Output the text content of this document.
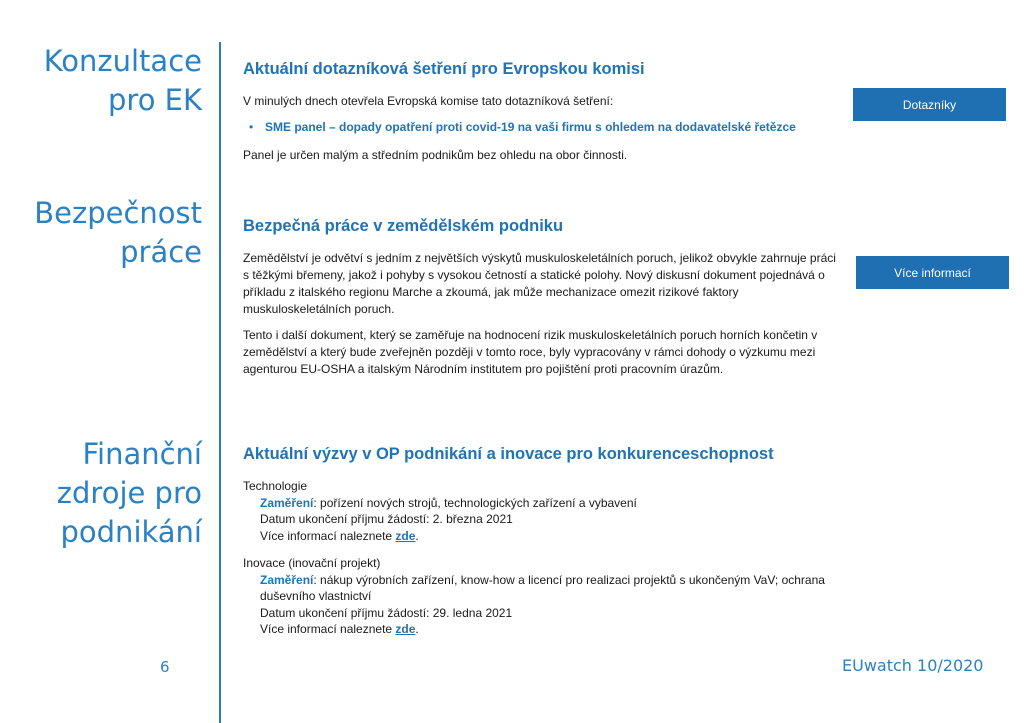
Konzultace
pro EK
Bezpečnost
práce
Finanční
zdroje pro
podnikání
Aktuální dotazníková šetření pro Evropskou komisi

V minulých dnech otevřela Evropská komise tato dotazníková šetření:

• SME panel – dopady opatření proti covid-19 na vaši firmu s ohledem na dodavatelské řetězce

Panel je určen malým a středním podnikům bez ohledu na obor činnosti.

Dotazníky
Bezpečná práce v zemědělském podniku

Zemědělství je odvětví s jedním z největších výskytů muskuloskeletálních poruch, jelikož obvykle zahrnuje práci s těžkými břemeny, jakož i pohyby s vysokou četností a statické polohy. Nový diskusní dokument pojednává o příkladu z italského regionu Marche a zkoumá, jak může mechanizace omezit rizikové faktory muskuloskeletálních poruch.

Tento i další dokument, který se zaměřuje na hodnocení rizik muskuloskeletálních poruch horních končetin v zemědělství a který bude zveřejněn později v tomto roce, byly vypracovány v rámci dohody o výzkumu mezi agenturou EU-OSHA a italským Národním institutem pro pojištění proti pracovním úrazům.

Více informací
Aktuální výzvy v OP podnikání a inovace pro konkurenceschopnost

Technologie

Zaměření: pořízení nových strojů, technologických zařízení a vybavení

Datum ukončení příjmu žádostí: 2. března 2021

Více informací naleznete zde.

Inovace (inovační projekt)

Zaměření: nákup výrobních zařízení, know-how a licencí pro realizaci projektů s ukončeným VaV; ochrana duševního vlastnictví

Datum ukončení příjmu žádostí: 29. ledna 2021

Více informací naleznete zde.

6	EUwatch 10/2020
